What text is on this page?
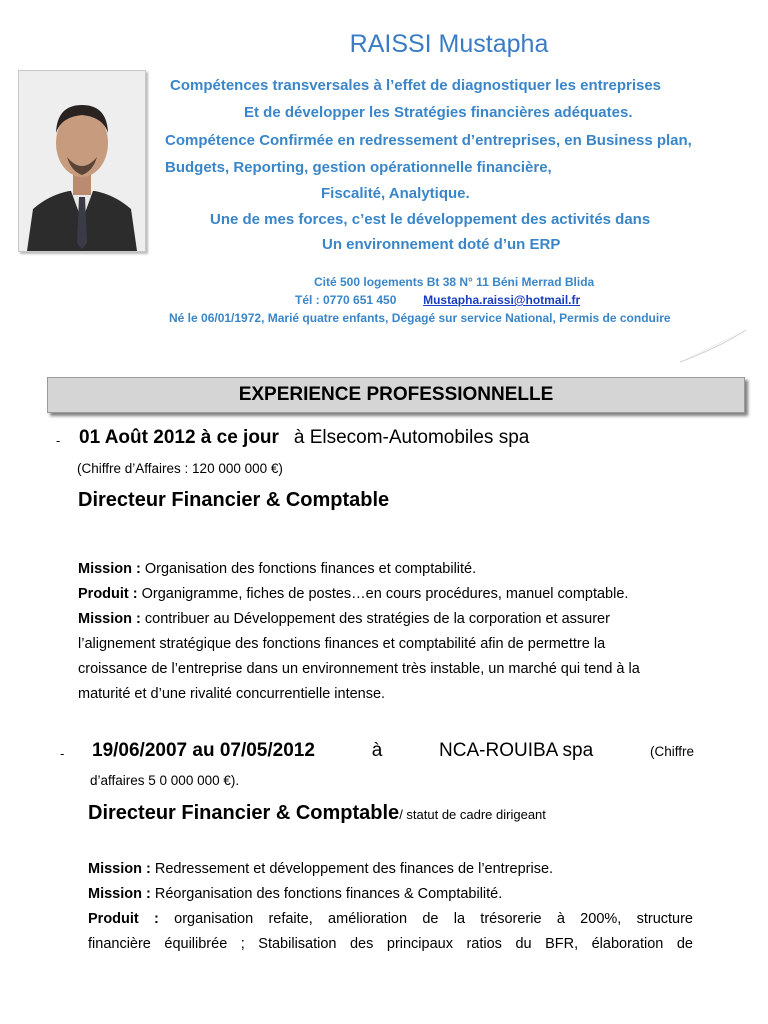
RAISSI Mustapha
Compétences transversales à l’effet de diagnostiquer les entreprises
Et de développer les Stratégies financières adéquates.
Compétence Confirmée en redressement d’entreprises, en Business plan,
Budgets, Reporting, gestion opérationnelle financière,
Fiscalité, Analytique.
Une de mes forces, c’est le développement des activités dans
Un environnement doté d’un ERP
Cité 500 logements Bt 38 N° 11 Béni Merrad Blida
Tél : 0770 651 450 Mustapha.raissi@hotmail.fr
Né le 06/01/1972, Marié quatre enfants, Dégagé sur service National, Permis de conduire
EXPERIENCE PROFESSIONNELLE
- 01 Août 2012 à ce jour à Elsecom-Automobiles spa
(Chiffre d’Affaires : 120 000 000 €)
Directeur Financier & Comptable
Mission : Organisation des fonctions finances et comptabilité.
Produit : Organigramme, fiches de postes…en cours procédures, manuel comptable.
Mission : contribuer au Développement des stratégies de la corporation et assurer
l’alignement stratégique des fonctions finances et comptabilité afin de permettre la
croissance de l’entreprise dans un environnement très instable, un marché qui tend à la
maturité et d’une rivalité concurrentielle intense.
- 19/06/2007 au 07/05/2012	à	NCA-ROUIBA spa	(Chiffre
d’affaires 5 0 000 000 €).
Directeur Financier & Comptable/ statut de cadre dirigeant
Mission : Redressement et développement des finances de l’entreprise.
Mission : Réorganisation des fonctions finances & Comptabilité.
Produit : organisation refaite, amélioration de la trésorerie à 200%, structure
financière équilibrée ; Stabilisation des principaux ratios du BFR, élaboration de
